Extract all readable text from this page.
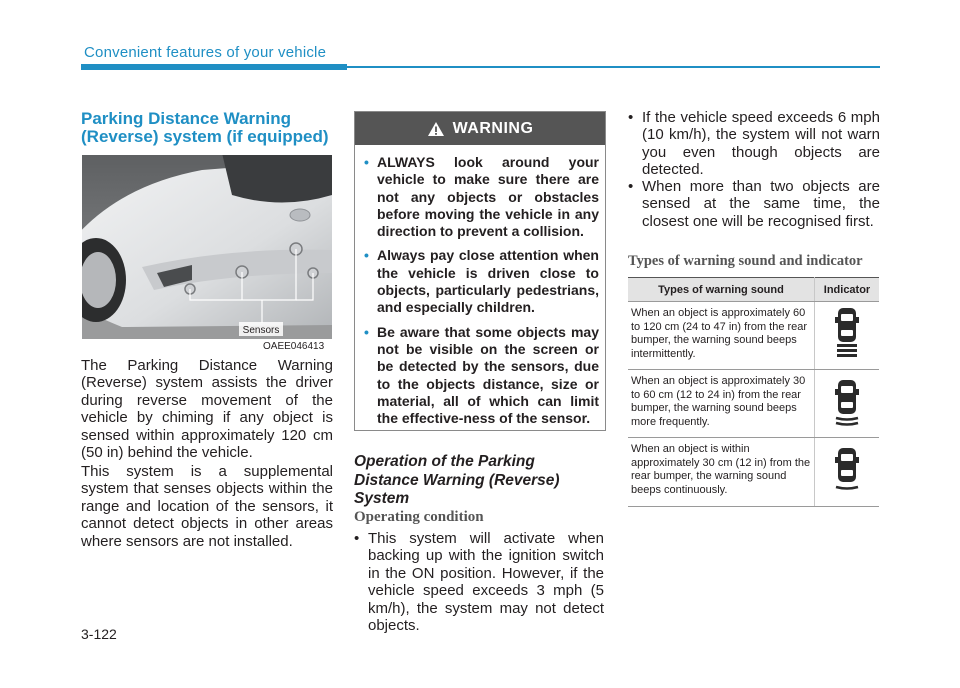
Convenient features of your vehicle
Parking Distance Warning
(Reverse) system (if equipped)
Sensors
OAEE046413
The Parking Distance Warning (Reverse) system assists the driver during reverse movement of the vehicle by chiming if any object is sensed within approximately 120 cm (50 in) behind the vehicle.
This system is a supplemental system that senses objects within the range and location of the sensors, it cannot detect objects in other areas where sensors are not installed.
WARNING
• ALWAYS look around your vehicle to make sure there are not any objects or obstacles before moving the vehicle in any direction to prevent a collision.
• Always pay close attention when the vehicle is driven close to objects, particularly pedestrians, and especially children.
• Be aware that some objects may not be visible on the screen or be detected by the sensors, due to the objects distance, size or material, all of which can limit the effective-ness of the sensor.
Operation of the Parking
Distance Warning (Reverse)
System
Operating condition
• This system will activate when backing up with the ignition switch in the ON position. However, if the vehicle speed exceeds 3 mph (5 km/h), the system may not detect objects.
• If the vehicle speed exceeds 6 mph (10 km/h), the system will not warn you even though objects are detected.
• When more than two objects are sensed at the same time, the closest one will be recognised first.
Types of warning sound and indicator
Types of warning sound	Indicator
When an object is approximately 60 to 120 cm (24 to 47 in) from the rear bumper, the warning sound beeps intermittently.	
When an object is approximately 30 to 60 cm (12 to 24 in) from the rear bumper, the warning sound beeps more frequently.	
When an object is within approximately 30 cm (12 in) from the rear bumper, the warning sound beeps continuously.	
3-122
